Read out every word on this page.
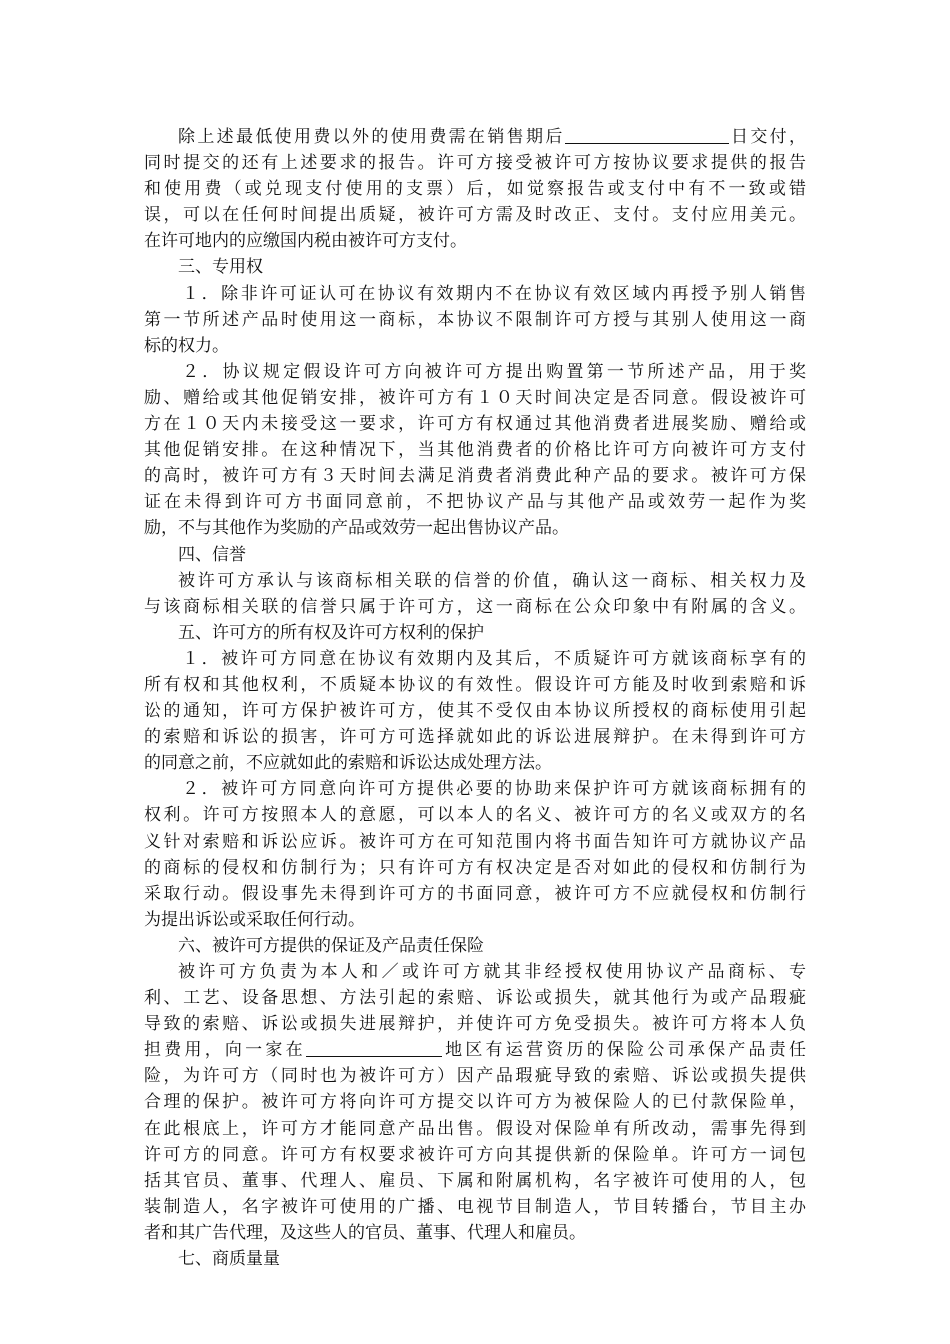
除上述最低使用费以外的使用费需在销售期后	日交付，
同时提交的还有上述要求的报告。许可方接受被许可方按协议要求提供的报告
和使用费（或兑现支付使用的支票）后，如觉察报告或支付中有不一致或错
误，可以在任何时间提出质疑，被许可方需及时改正、支付。支付应用美元。
在许可地内的应缴国内税由被许可方支付。
三、专用权
１．除非许可证认可在协议有效期内不在协议有效区域内再授予别人销售
第一节所述产品时使用这一商标，本协议不限制许可方授与其别人使用这一商
标的权力。
２．协议规定假设许可方向被许可方提出购置第一节所述产品，用于奖
励、赠给或其他促销安排，被许可方有１０天时间决定是否同意。假设被许可
方在１０天内未接受这一要求，许可方有权通过其他消费者进展奖励、赠给或
其他促销安排。在这种情况下，当其他消费者的价格比许可方向被许可方支付
的高时，被许可方有３天时间去满足消费者消费此种产品的要求。被许可方保
证在未得到许可方书面同意前，不把协议产品与其他产品或效劳一起作为奖
励，不与其他作为奖励的产品或效劳一起出售协议产品。
四、信誉
被许可方承认与该商标相关联的信誉的价值，确认这一商标、相关权力及
与该商标相关联的信誉只属于许可方，这一商标在公众印象中有附属的含义。
五、许可方的所有权及许可方权利的保护
１．被许可方同意在协议有效期内及其后，不质疑许可方就该商标享有的
所有权和其他权利，不质疑本协议的有效性。假设许可方能及时收到索赔和诉
讼的通知，许可方保护被许可方，使其不受仅由本协议所授权的商标使用引起
的索赔和诉讼的损害，许可方可选择就如此的诉讼进展辩护。在未得到许可方
的同意之前，不应就如此的索赔和诉讼达成处理方法。
２．被许可方同意向许可方提供必要的协助来保护许可方就该商标拥有的
权利。许可方按照本人的意愿，可以本人的名义、被许可方的名义或双方的名
义针对索赔和诉讼应诉。被许可方在可知范围内将书面告知许可方就协议产品
的商标的侵权和仿制行为；只有许可方有权决定是否对如此的侵权和仿制行为
采取行动。假设事先未得到许可方的书面同意，被许可方不应就侵权和仿制行
为提出诉讼或采取任何行动。
六、被许可方提供的保证及产品责任保险
被许可方负责为本人和／或许可方就其非经授权使用协议产品商标、专
利、工艺、设备思想、方法引起的索赔、诉讼或损失，就其他行为或产品瑕疵
导致的索赔、诉讼或损失进展辩护，并使许可方免受损失。被许可方将本人负
担费用，向一家在	地区有运营资历的保险公司承保产品责任
险，为许可方（同时也为被许可方）因产品瑕疵导致的索赔、诉讼或损失提供
合理的保护。被许可方将向许可方提交以许可方为被保险人的已付款保险单，
在此根底上，许可方才能同意产品出售。假设对保险单有所改动，需事先得到
许可方的同意。许可方有权要求被许可方向其提供新的保险单。许可方一词包
括其官员、董事、代理人、雇员、下属和附属机构，名字被许可使用的人，包
装制造人，名字被许可使用的广播、电视节目制造人，节目转播台，节目主办
者和其广告代理，及这些人的官员、董事、代理人和雇员。
七、商质量量
